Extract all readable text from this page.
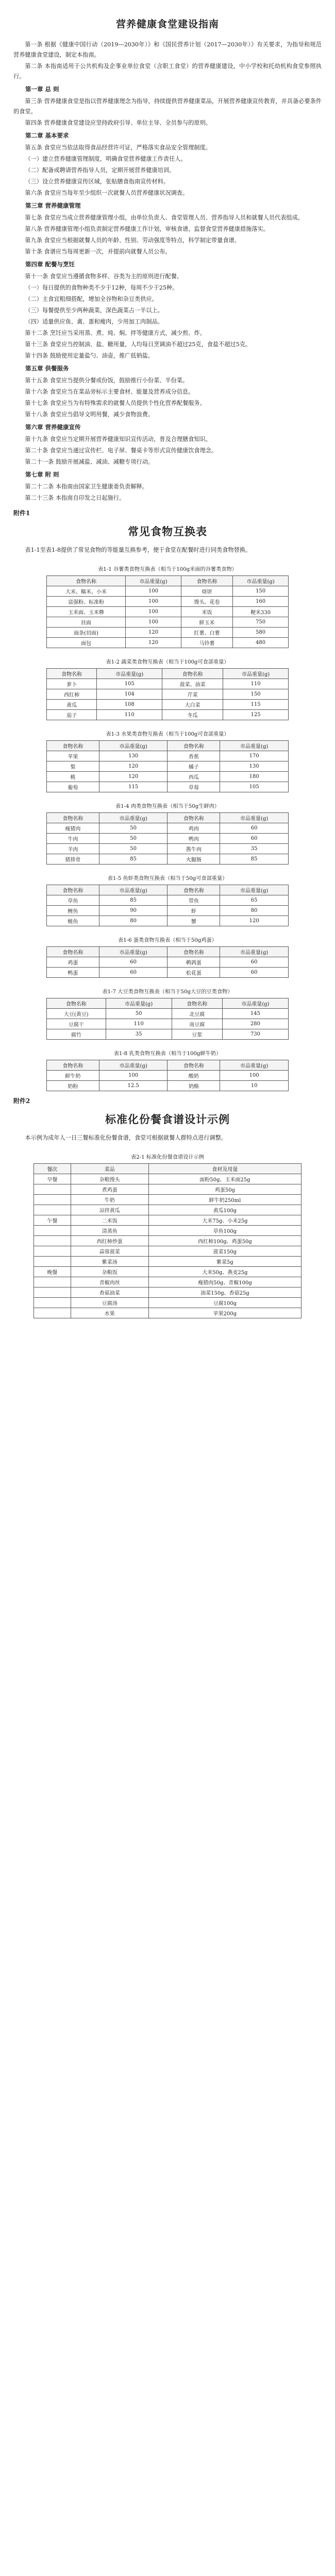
营养健康食堂建设指南

第一条 根据《健康中国行动（2019—2030年）》和《国民营养计划（2017—2030年）》有关要求，为指导和规范营养健康食堂建设，制定本指南。

第二条 本指南适用于公共机构及企事业单位食堂（含职工食堂）的营养健康建设，中小学校和托幼机构食堂参照执行。

第一章 总 则

第三条 营养健康食堂是指以营养健康理念为指导，持续提供营养健康菜品，开展营养健康宣传教育，并具备必要条件的食堂。

第四条 营养健康食堂建设应坚持政府引导、单位主导、全员参与的原则。

第二章 基本要求

第五条 食堂应当依法取得食品经营许可证，严格落实食品安全管理制度。

（一）建立营养健康管理制度，明确食堂营养健康工作责任人。

（二）配备或聘请营养指导人员，定期开展营养健康培训。

（三）设立营养健康宣传区域，张贴膳食指南宣传材料。

第六条 食堂应当每年至少组织一次就餐人员营养健康状况调查。

第三章 营养健康管理

第七条 食堂应当成立营养健康管理小组，由单位负责人、食堂管理人员、营养指导人员和就餐人员代表组成。

第八条 营养健康管理小组负责制定营养健康工作计划，审核食谱，监督食堂营养健康措施落实。

第九条 食堂应当根据就餐人员的年龄、性别、劳动强度等特点，科学制定带量食谱。

第十条 食谱应当每周更新一次，并提前向就餐人员公布。

第四章 配餐与烹饪

第十一条 食堂应当遵循食物多样、谷类为主的原则进行配餐。

（一）每日提供的食物种类不少于12种，每周不少于25种。

（二）主食宜粗细搭配，增加全谷物和杂豆类供应。

（三）每餐提供至少两种蔬菜，深色蔬菜占一半以上。

（四）适量供应鱼、禽、蛋和瘦肉，少用加工肉制品。

第十二条 烹饪应当采用蒸、煮、炖、焖、拌等健康方式，减少煎、炸。

第十三条 食堂应当控制油、盐、糖用量，人均每日烹调油不超过25克，食盐不超过5克。

第十四条 鼓励使用定量盐勺、油壶，推广低钠盐。

第五章 供餐服务

第十五条 食堂应当提供分餐或份饭，鼓励推行小份菜、半份菜。

第十六条 食堂应当在菜品旁标示主要食材、能量及营养成分信息。

第十七条 食堂应当为有特殊需求的就餐人员提供个性化营养配餐服务。

第十八条 食堂应当倡导文明用餐，减少食物浪费。

第六章 营养健康宣传

第十九条 食堂应当定期开展营养健康知识宣传活动，普及合理膳食知识。

第二十条 食堂应当通过宣传栏、电子屏、餐桌卡等形式宣传健康饮食理念。

第二十一条 鼓励开展减盐、减油、减糖专项行动。

第七章 附 则

第二十二条 本指南由国家卫生健康委负责解释。

第二十三条 本指南自印发之日起施行。

附件1

常见食物互换表

表1-1至表1-8提供了常见食物的等能量互换参考，便于食堂在配餐时进行同类食物替换。

表1-1 谷薯类食物互换表（相当于100g米面的谷薯类食物）
食物名称	市品重量(g)	食物名称	市品重量(g)
大米、糯米、小米	100	烙饼	150
富强粉、标准粉	100	馒头、花卷	160
玉米面、玉米糁	100	米饭	粳米330
挂面	100	鲜玉米	750
面条(切面)	120	红薯、白薯	580
面包	120	马铃薯	480
表1-2 蔬菜类食物互换表（相当于100g可食部重量）
食物名称	市品重量(g)	食物名称	市品重量(g)
萝卜	105	菠菜、油菜	110
西红柿	104	芹菜	150
黄瓜	108	大白菜	115
茄子	110	冬瓜	125
表1-3 水果类食物互换表（相当于100g可食部重量）
食物名称	市品重量(g)	食物名称	市品重量(g)
苹果	130	香蕉	170
梨	120	橘子	130
桃	120	西瓜	180
葡萄	115	草莓	105
表1-4 肉类食物互换表（相当于50g生鲜肉）
食物名称	市品重量(g)	食物名称	市品重量(g)
瘦猪肉	50	鸡肉	60
牛肉	50	鸭肉	60
羊肉	50	酱牛肉	35
猪排骨	85	火腿肠	85
表1-5 鱼虾类食物互换表（相当于50g可食部重量）
食物名称	市品重量(g)	食物名称	市品重量(g)
草鱼	85	带鱼	65
鲤鱼	90	虾	80
鲢鱼	80	蟹	120
表1-6 蛋类食物互换表（相当于50g鸡蛋）
食物名称	市品重量(g)	食物名称	市品重量(g)
鸡蛋	60	鹌鹑蛋	60
鸭蛋	60	松花蛋	60
表1-7 大豆类食物互换表（相当于50g大豆的豆类食物）
食物名称	市品重量(g)	食物名称	市品重量(g)
大豆(黄豆)	50	北豆腐	145
豆腐干	110	南豆腐	280
腐竹	35	豆浆	730
表1-8 乳类食物互换表（相当于100g鲜牛奶）
食物名称	市品重量(g)	食物名称	市品重量(g)
鲜牛奶	100	酸奶	100
奶粉	12.5	奶酪	10

附件2

标准化份餐食谱设计示例

本示例为成年人一日三餐标准化份餐食谱，食堂可根据就餐人群特点进行调整。

表2-1 标准化份餐食谱设计示例
餐次	菜品	食材及用量
早餐	杂粮馒头	面粉50g、玉米面25g
	煮鸡蛋	鸡蛋50g
	牛奶	鲜牛奶250ml
	凉拌黄瓜	黄瓜100g
午餐	二米饭	大米75g、小米25g
	清蒸鱼	草鱼100g
	西红柿炒蛋	西红柿100g、鸡蛋50g
	蒜蓉菠菜	菠菜150g
	紫菜汤	紫菜5g
晚餐	杂粮饭	大米50g、燕麦25g
	青椒肉丝	瘦猪肉50g、青椒100g
	香菇油菜	油菜150g、香菇25g
	豆腐汤	豆腐100g
	水果	苹果200g
